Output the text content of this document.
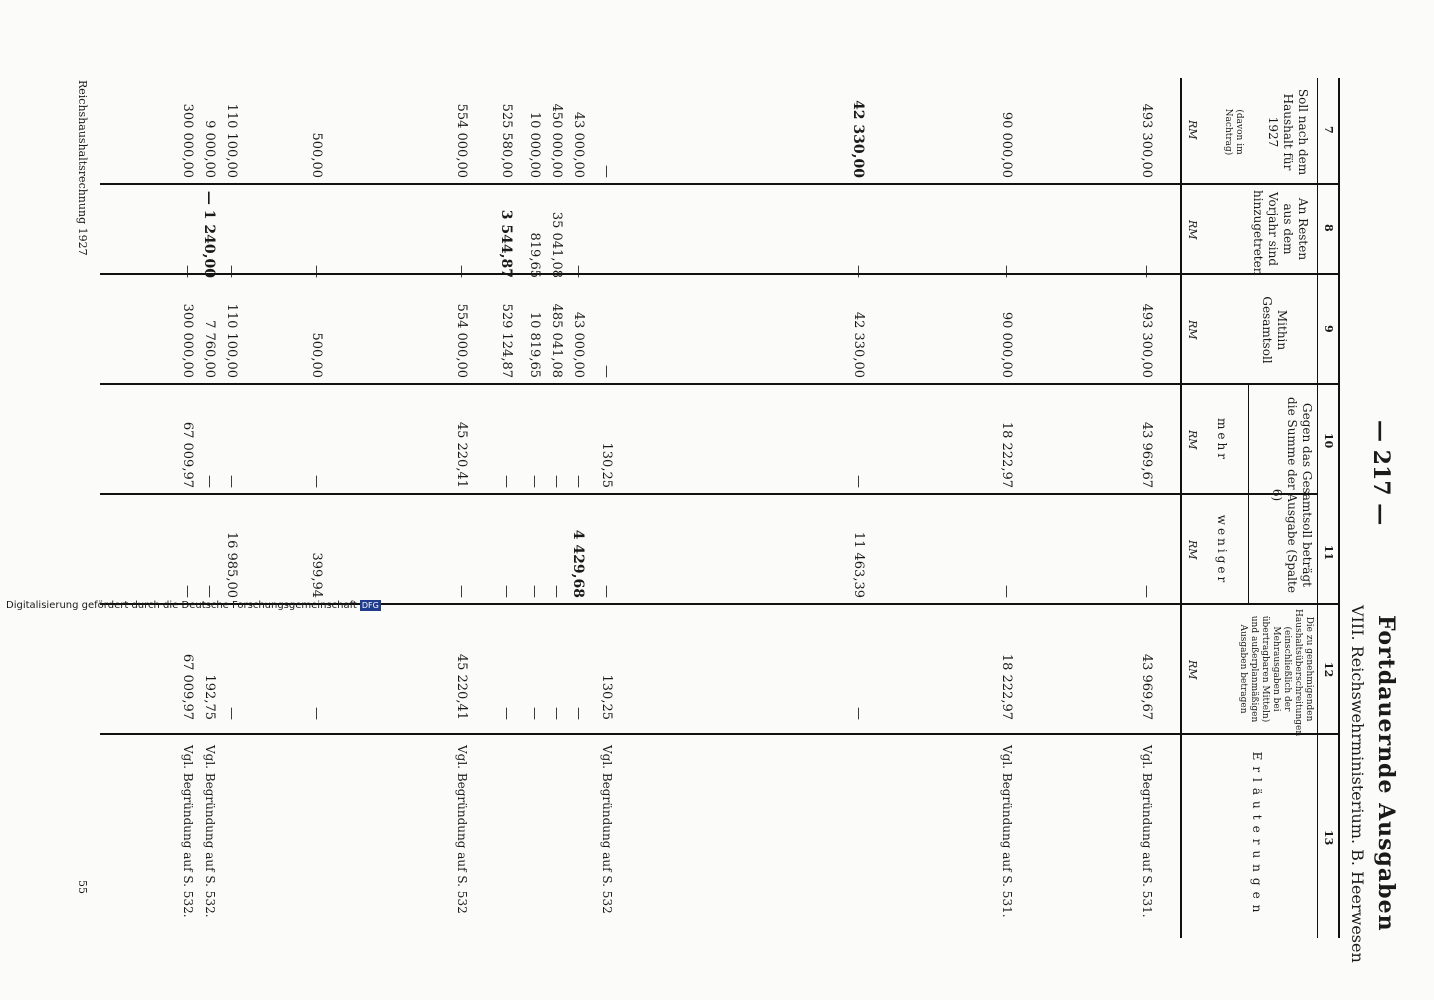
— 217 —
Fortdauernde Ausgaben
VIII. Reichswehrministerium. B. Heerwesen
7
8
9
10
11
12
13
Soll nach dem Haushalt für 1927
(davon im Nachtrag)
An Resten aus dem Vorjahr sind hinzugetreten
Mithin Gesamtsoll
Gegen das Gesamtsoll beträgt die Summe der Ausgabe (Spalte 6)
mehr
weniger
Die zu genehmigenden Haushaltsüberschreitungen (einschließlich der Mehrausgaben bei übertragbaren Mitteln) und außerplanmäßigen Ausgaben betragen
Erläuterungen
RM
RM
RM
RM
RM
RM
493 300,00
90 000,00
42 330,00
—
43 000,00
450 000,00
10 000,00
525 580,00
554 000,00
500,00
110 100,00
9 000,00
300 000,00
—
—
—
—
35 041,08
819,65
3 544,87
—
—
—
— 1 240,00
—
493 300,00
90 000,00
42 330,00
—
43 000,00
485 041,08
10 819,65
529 124,87
554 000,00
500,00
110 100,00
7 760,00
300 000,00
43 969,67
18 222,97
—
130,25
—
—
—
—
45 220,41
—
—
—
67 009,97
—
—
11 463,39
—
4 429,68
—
—
—
—
399,94
16 985,00
—
—
43 969,67
18 222,97
—
130,25
—
—
—
—
45 220,41
—
—
192,75
67 009,97
Vgl. Begründung auf S. 531.
Vgl. Begründung auf S. 531.
Vgl. Begründung auf S. 532
Vgl. Begründung auf S. 532
Vgl. Begründung auf S. 532.
Vgl. Begründung auf S. 532.
Reichshaushaltsrechnung 1927
55
Digitalisierung gefördert durch die Deutsche Forschungsgemeinschaft DFG
